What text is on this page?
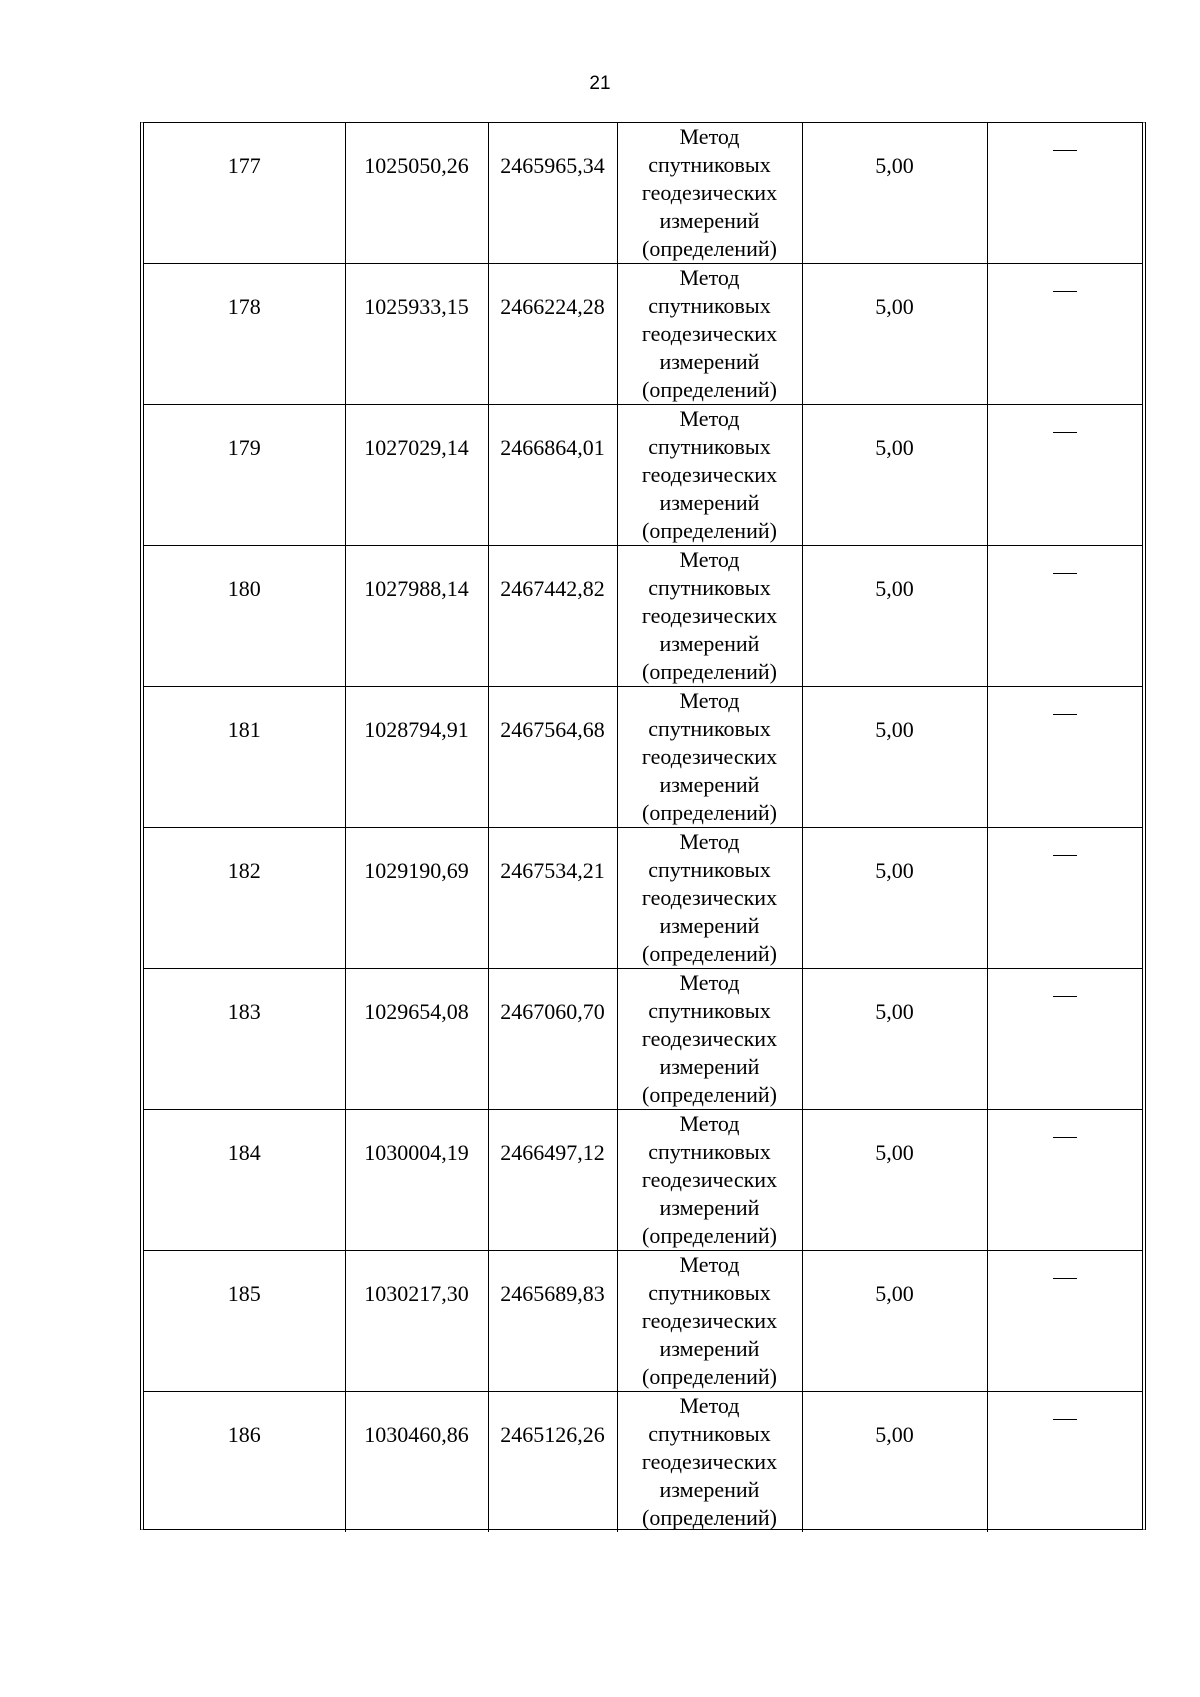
21
177	1025050,26	2465965,34	Метод спутниковых геодезических измерений (определений)	5,00

178	1025933,15	2466224,28	Метод спутниковых геодезических измерений (определений)	5,00

179	1027029,14	2466864,01	Метод спутниковых геодезических измерений (определений)	5,00

180	1027988,14	2467442,82	Метод спутниковых геодезических измерений (определений)	5,00

181	1028794,91	2467564,68	Метод спутниковых геодезических измерений (определений)	5,00

182	1029190,69	2467534,21	Метод спутниковых геодезических измерений (определений)	5,00

183	1029654,08	2467060,70	Метод спутниковых геодезических измерений (определений)	5,00

184	1030004,19	2466497,12	Метод спутниковых геодезических измерений (определений)	5,00

185	1030217,30	2465689,83	Метод спутниковых геодезических измерений (определений)	5,00

186	1030460,86	2465126,26	Метод спутниковых геодезических измерений (определений)	5,00
